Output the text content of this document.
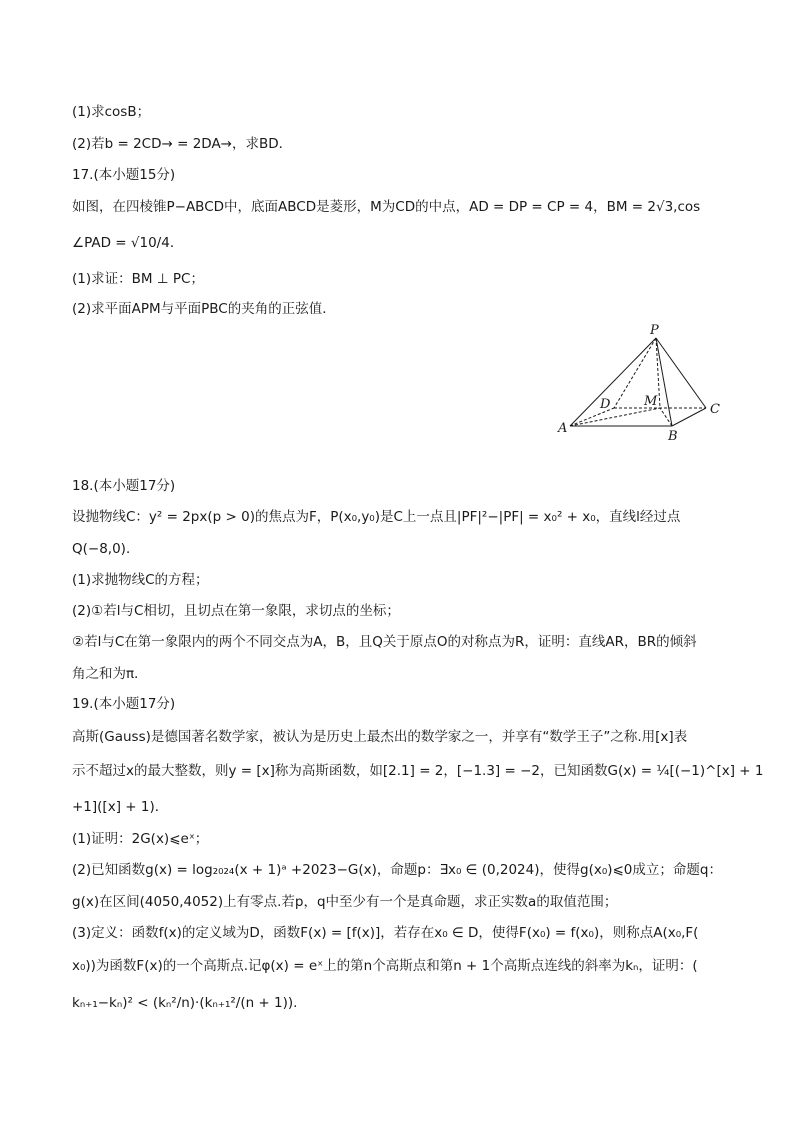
(1)求cosB；
(2)若b = 2CD→ = 2DA→，求BD．
17.(本小题15分)
如图，在四棱锥P−ABCD中，底面ABCD是菱形，M为CD的中点，AD = DP = CP = 4，BM = 2√3,cos
∠PAD = √10/4．
(1)求证：BM ⊥ PC；
(2)求平面APM与平面PBC的夹角的正弦值．
P
A
B
C
D	M
18.(本小题17分)
设抛物线C：y² = 2px(p > 0)的焦点为F，P(x₀,y₀)是C上一点且|PF|²−|PF| = x₀² + x₀，直线l经过点
Q(−8,0)．
(1)求抛物线C的方程；
(2)①若l与C相切，且切点在第一象限，求切点的坐标；
②若l与C在第一象限内的两个不同交点为A，B，且Q关于原点O的对称点为R，证明：直线AR，BR的倾斜
角之和为π．
19.(本小题17分)
高斯(Gauss)是德国著名数学家，被认为是历史上最杰出的数学家之一，并享有“数学王子”之称.用[x]表
示不超过x的最大整数，则y = [x]称为高斯函数，如[2.1] = 2，[−1.3] = −2，已知函数G(x) = ¼[(−1)^[x] + 1
+1]([x] + 1)．
(1)证明：2G(x)⩽eˣ；
(2)已知函数g(x) = log₂₀₂₄(x + 1)ᵃ +2023−G(x)，命题p：∃x₀ ∈ (0,2024)，使得g(x₀)⩽0成立；命题q：
g(x)在区间(4050,4052)上有零点.若p，q中至少有一个是真命题，求正实数a的取值范围；
(3)定义：函数f(x)的定义域为D，函数F(x) = [f(x)]，若存在x₀ ∈ D，使得F(x₀) = f(x₀)，则称点A(x₀,F(
x₀))为函数F(x)的一个高斯点.记φ(x) = eˣ上的第n个高斯点和第n + 1个高斯点连线的斜率为kₙ，证明：(
kₙ₊₁−kₙ)² < (kₙ²/n)·(kₙ₊₁²/(n + 1)).
